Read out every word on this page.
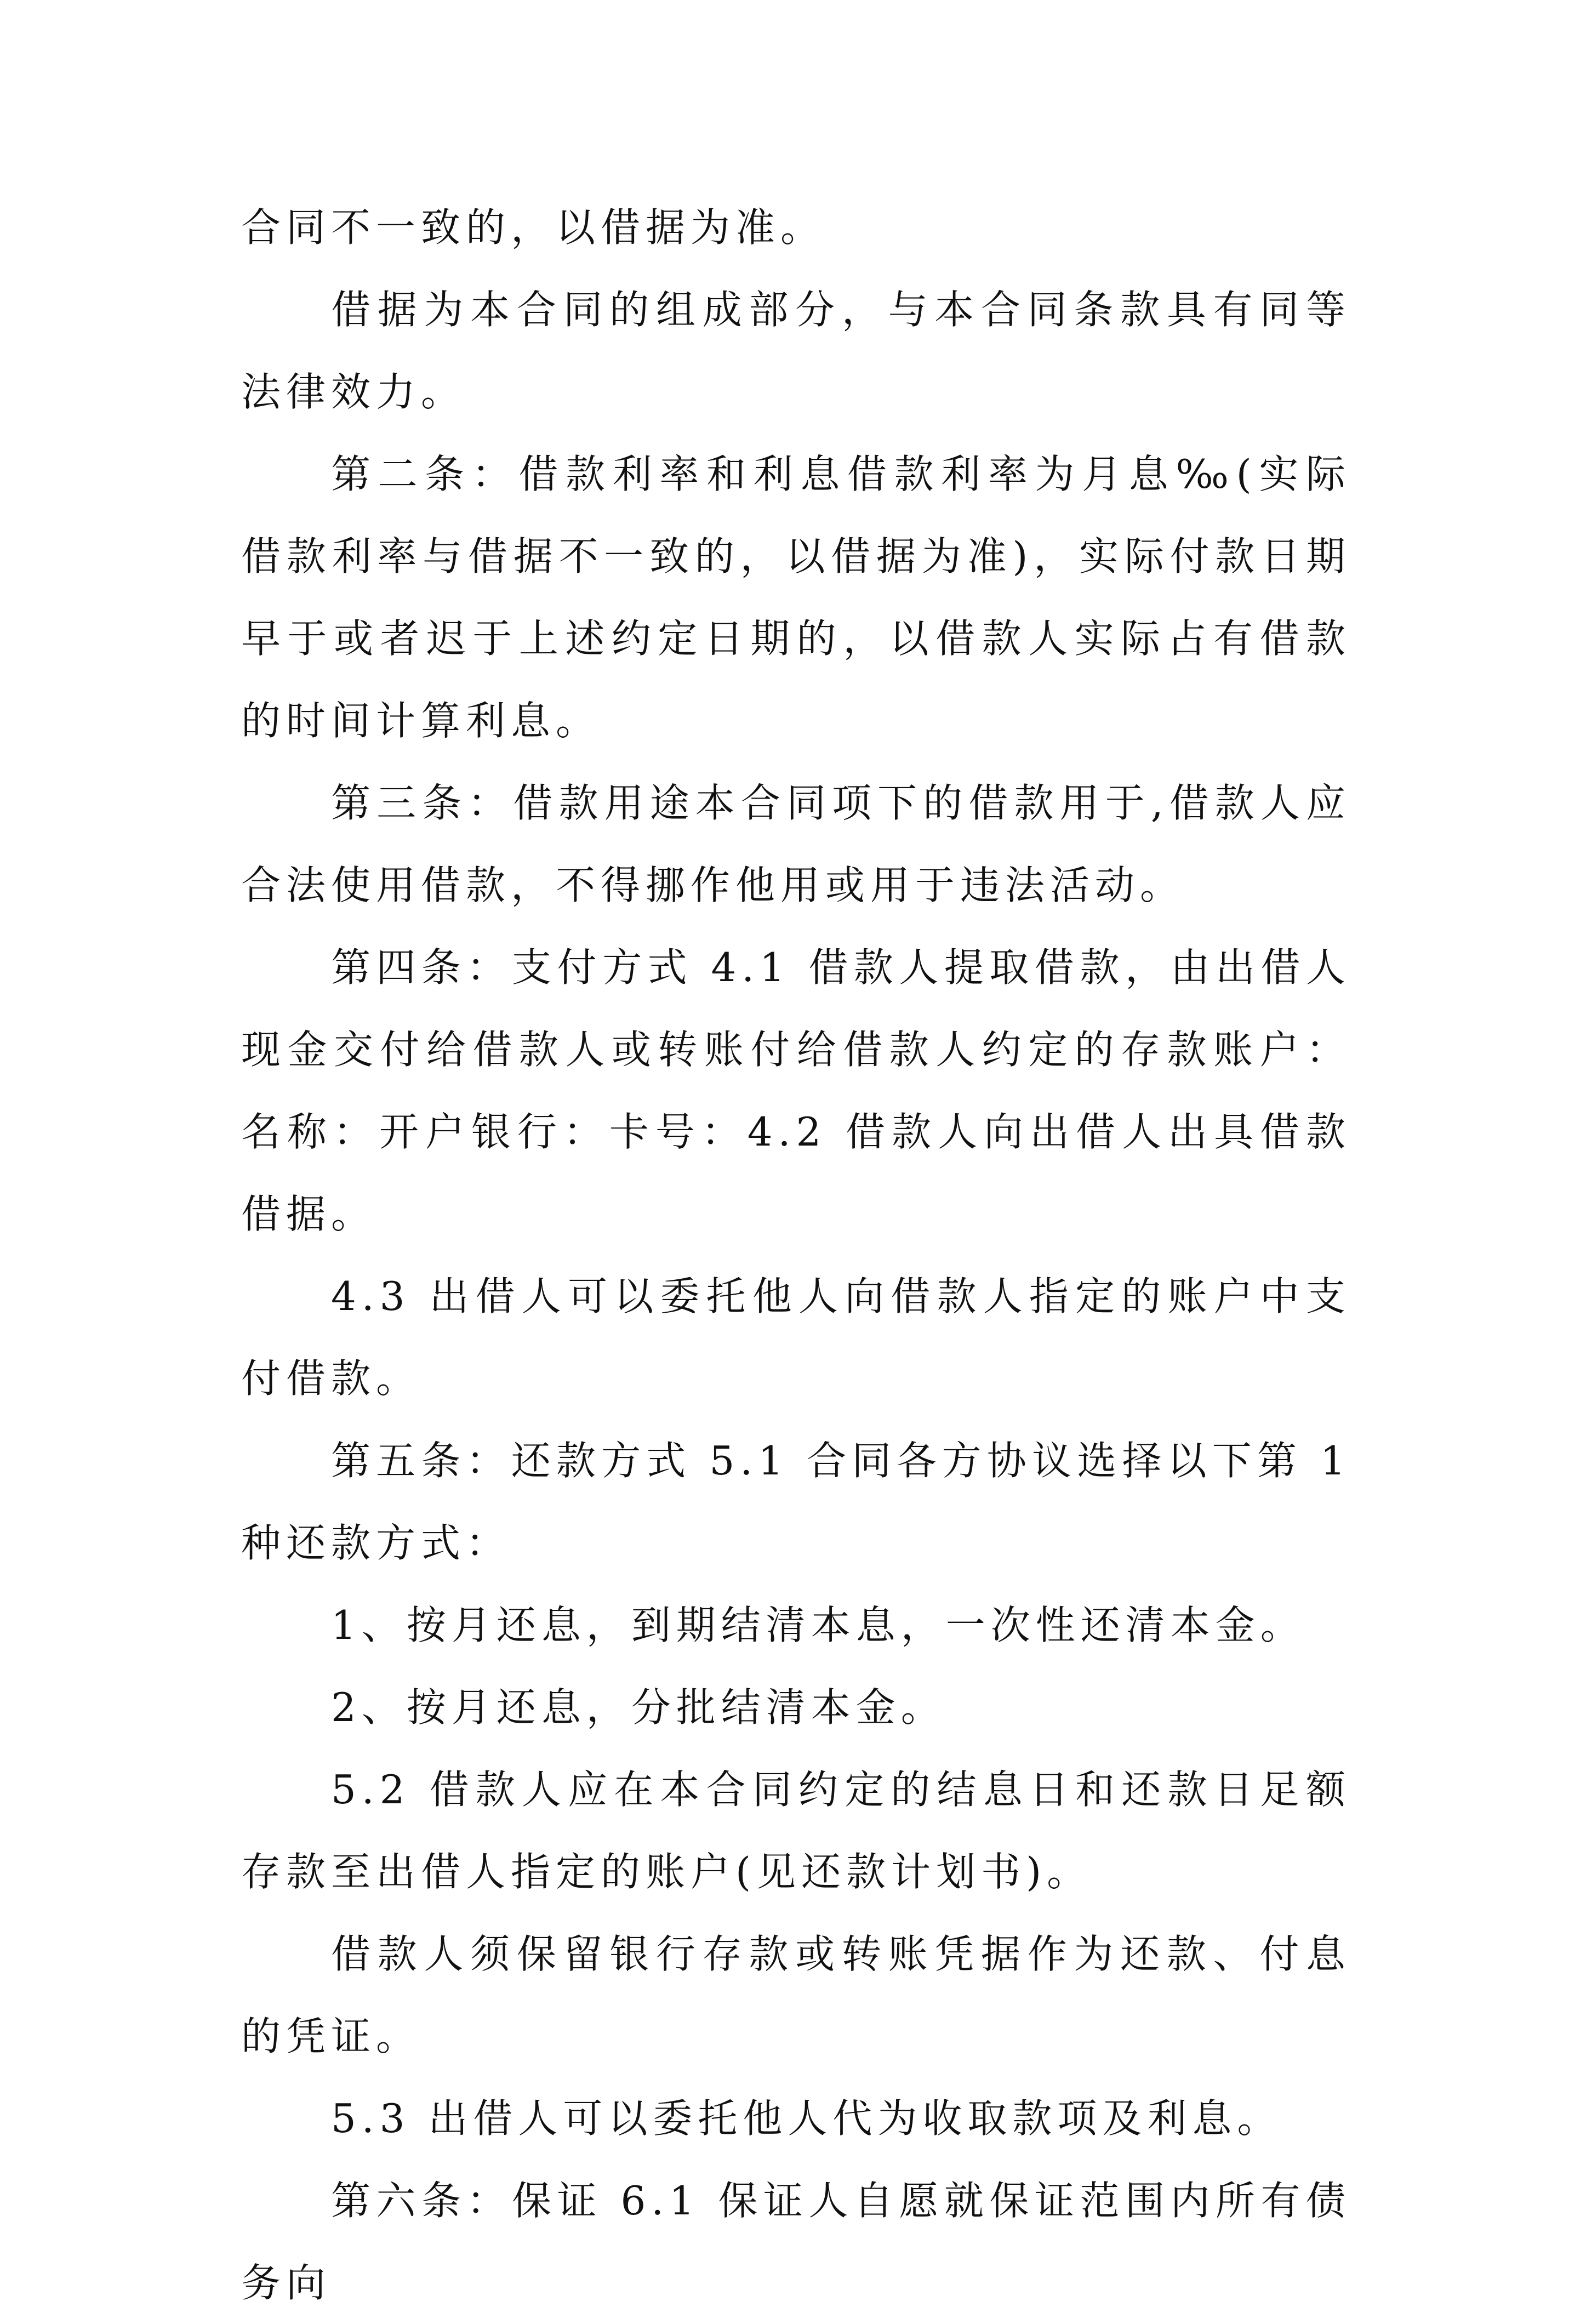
合同不一致的，以借据为准。

借据为本合同的组成部分，与本合同条款具有同等法律效力。

第二条：借款利率和利息借款利率为月息‰(实际借款利率与借据不一致的，以借据为准)，实际付款日期早于或者迟于上述约定日期的，以借款人实际占有借款的时间计算利息。

第三条：借款用途本合同项下的借款用于,借款人应合法使用借款，不得挪作他用或用于违法活动。

第四条：支付方式 4.1 借款人提取借款，由出借人现金交付给借款人或转账付给借款人约定的存款账户：名称：开户银行：卡号：4.2 借款人向出借人出具借款借据。

4.3 出借人可以委托他人向借款人指定的账户中支付借款。

第五条：还款方式 5.1 合同各方协议选择以下第 1 种还款方式：

1、按月还息，到期结清本息，一次性还清本金。

2、按月还息，分批结清本金。

5.2 借款人应在本合同约定的结息日和还款日足额存款至出借人指定的账户(见还款计划书)。

借款人须保留银行存款或转账凭据作为还款、付息的凭证。

5.3 出借人可以委托他人代为收取款项及利息。

第六条：保证 6.1 保证人自愿就保证范围内所有债务向
